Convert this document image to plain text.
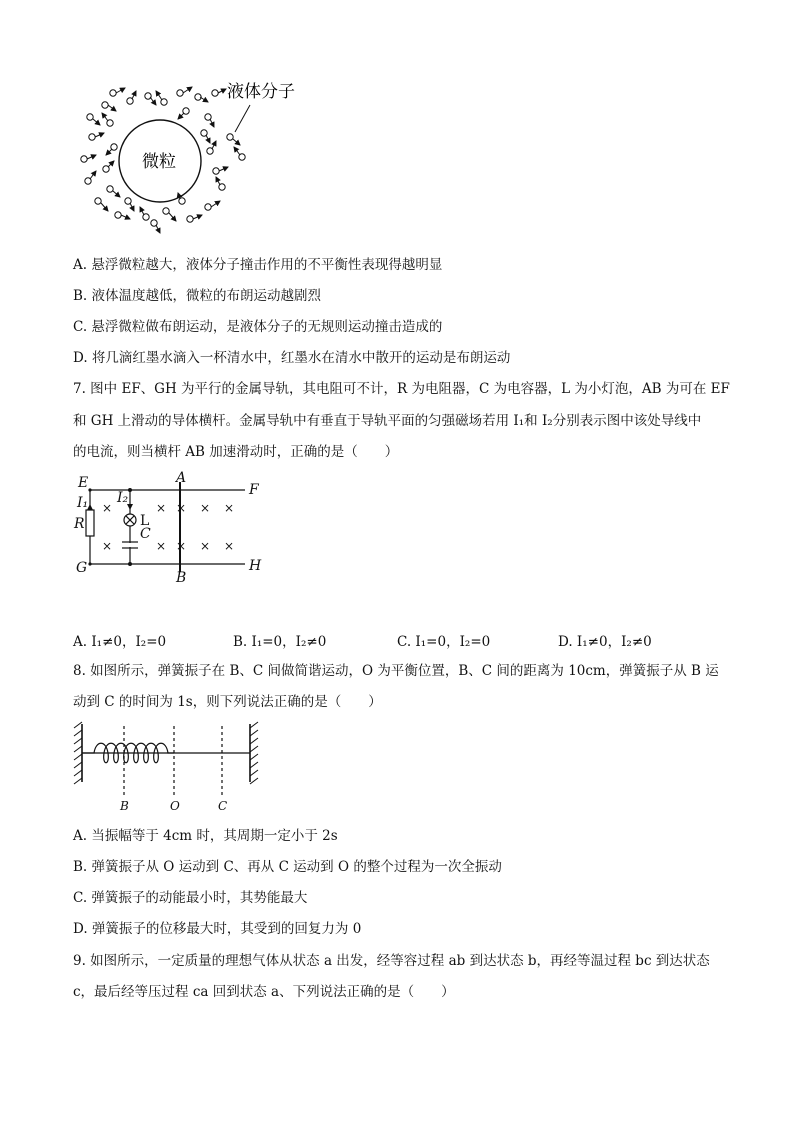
微粒
液体分子
A. 悬浮微粒越大，液体分子撞击作用的不平衡性表现得越明显
B. 液体温度越低，微粒的布朗运动越剧烈
C. 悬浮微粒做布朗运动，是液体分子的无规则运动撞击造成的
D. 将几滴红墨水滴入一杯清水中，红墨水在清水中散开的运动是布朗运动
7. 图中 EF、GH 为平行的金属导轨，其电阻可不计，R 为电阻器，C 为电容器，L 为小灯泡，AB 为可在 EF
和 GH 上滑动的导体横杆。金属导轨中有垂直于导轨平面的匀强磁场若用 I₁和 I₂分别表示图中该处导线中
的电流，则当横杆 AB 加速滑动时，正确的是（　　）
E	F
G	H
A
B
R
I₁ I₂
L
C
×	× × × ×
×	× × × ×
A. I₁≠0，I₂=0	B. I₁=0，I₂≠0	C. I₁=0，I₂=0	D. I₁≠0，I₂≠0
8. 如图所示，弹簧振子在 B、C 间做简谐运动，O 为平衡位置，B、C 间的距离为 10cm，弹簧振子从 B 运
动到 C 的时间为 1s，则下列说法正确的是（　　）
B	O	C
A. 当振幅等于 4cm 时，其周期一定小于 2s
B. 弹簧振子从 O 运动到 C、再从 C 运动到 O 的整个过程为一次全振动
C. 弹簧振子的动能最小时，其势能最大
D. 弹簧振子的位移最大时，其受到的回复力为 0
9. 如图所示，一定质量的理想气体从状态 a 出发，经等容过程 ab 到达状态 b，再经等温过程 bc 到达状态
c，最后经等压过程 ca 回到状态 a、下列说法正确的是（　　）
